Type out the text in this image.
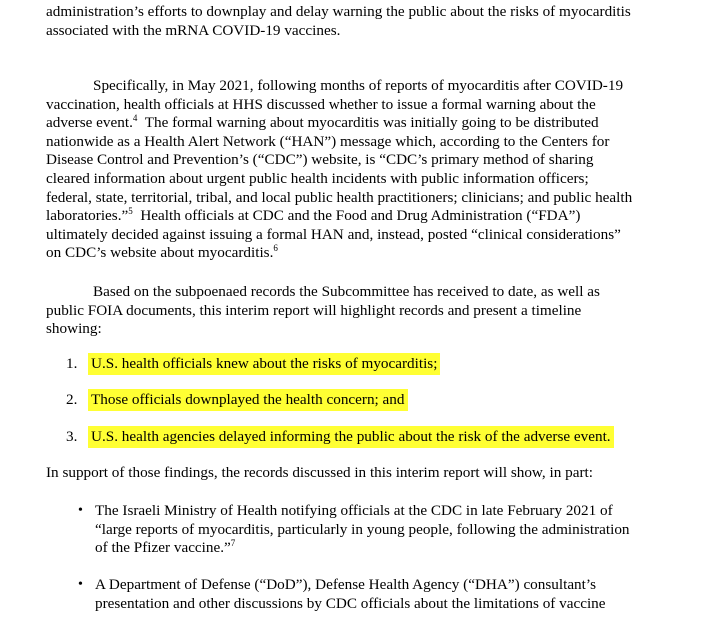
administration’s efforts to downplay and delay warning the public about the risks of myocarditis
associated with the mRNA COVID-19 vaccines.

Specifically, in May 2021, following months of reports of myocarditis after COVID-19
vaccination, health officials at HHS discussed whether to issue a formal warning about the
adverse event.$^4$  The formal warning about myocarditis was initially going to be distributed
nationwide as a Health Alert Network (“HAN”) message which, according to the Centers for
Disease Control and Prevention’s (“CDC”) website, is “CDC’s primary method of sharing
cleared information about urgent public health incidents with public information officers;
federal, state, territorial, tribal, and local public health practitioners; clinicians; and public health
laboratories.”$^5$  Health officials at CDC and the Food and Drug Administration (“FDA”)
ultimately decided against issuing a formal HAN and, instead, posted “clinical considerations”
on CDC’s website about myocarditis.$^6$

Based on the subpoenaed records the Subcommittee has received to date, as well as
public FOIA documents, this interim report will highlight records and present a timeline
showing:

1. U.S. health officials knew about the risks of myocarditis;
2. Those officials downplayed the health concern; and
3. U.S. health agencies delayed informing the public about the risk of the adverse event.

In support of those findings, the records discussed in this interim report will show, in part:

• The Israeli Ministry of Health notifying officials at the CDC in late February 2021 of
“large reports of myocarditis, particularly in young people, following the administration
of the Pfizer vaccine.”$^7$
• A Department of Defense (“DoD”), Defense Health Agency (“DHA”) consultant’s
presentation and other discussions by CDC officials about the limitations of vaccine
